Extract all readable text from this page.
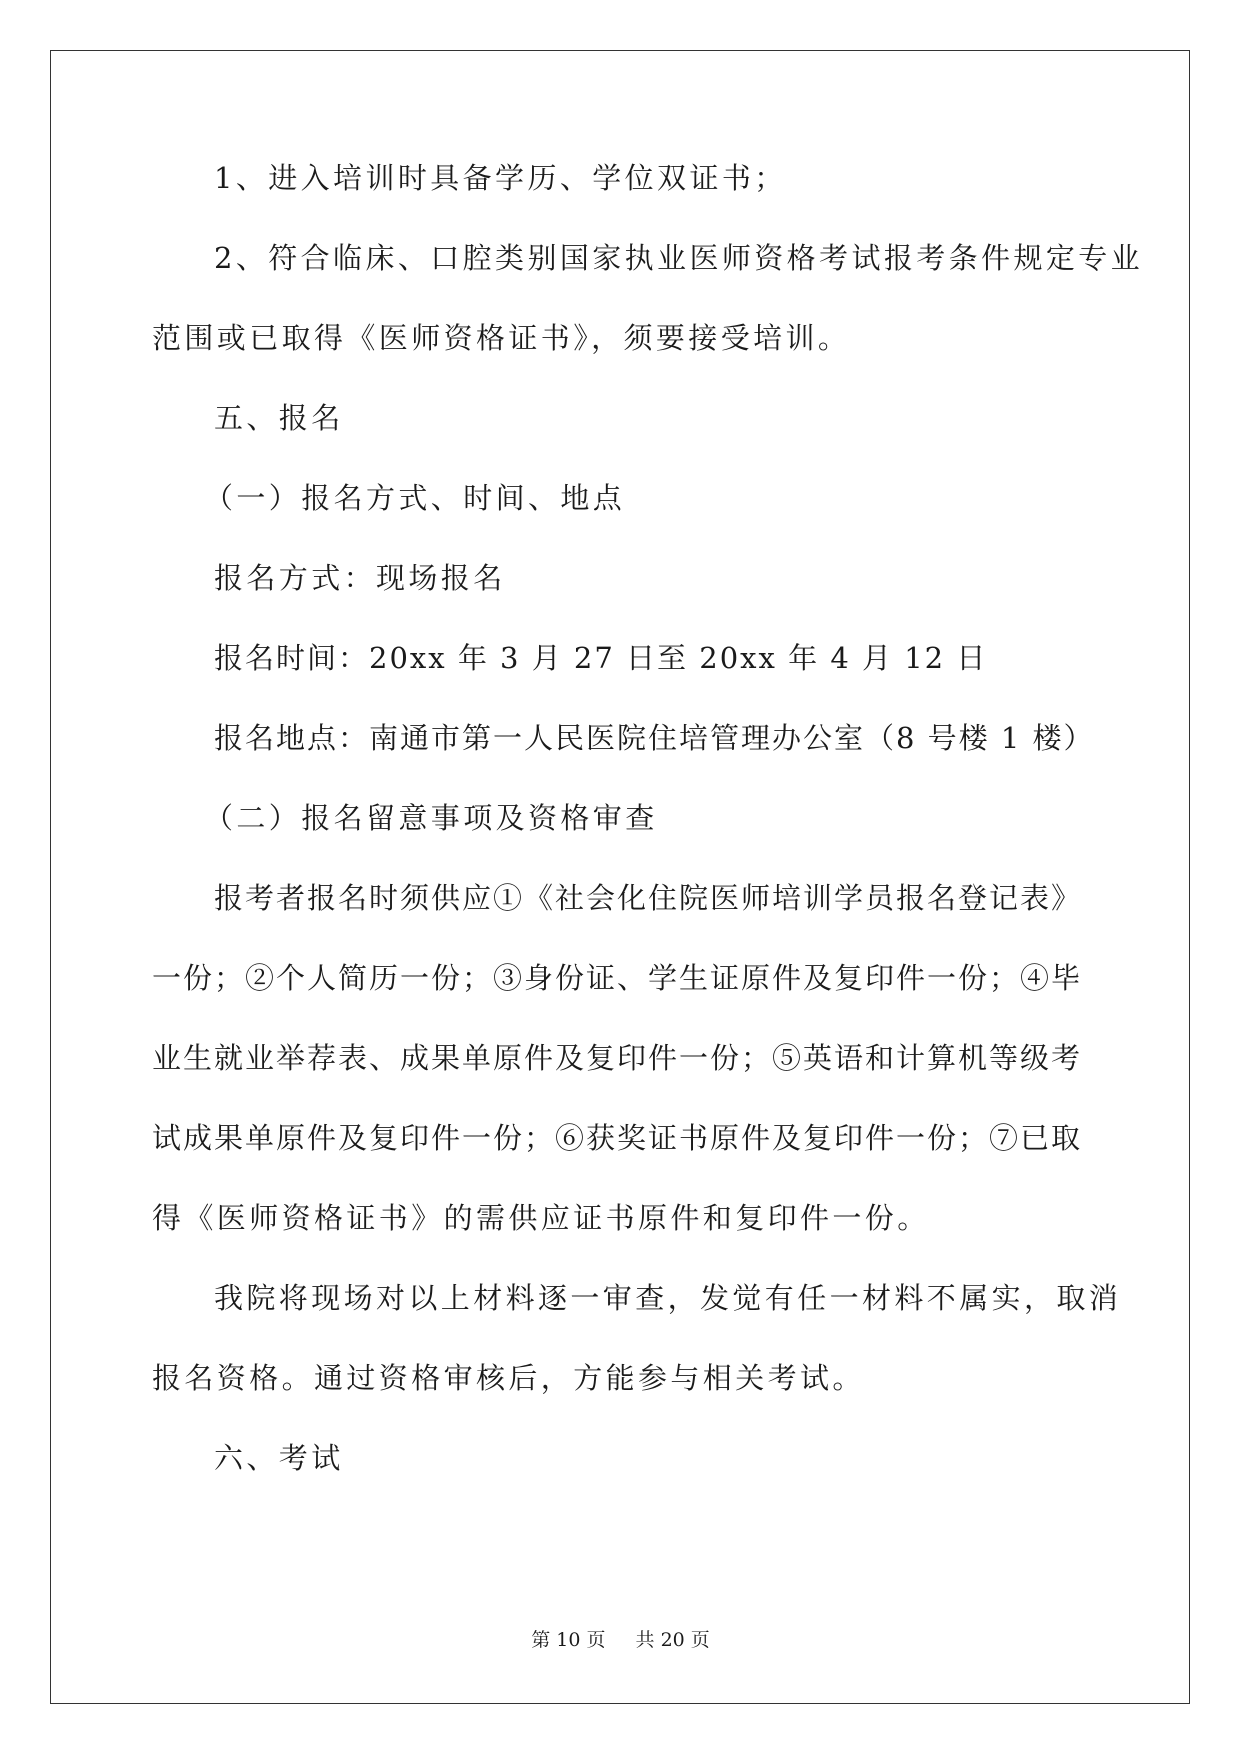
1、进入培训时具备学历、学位双证书；

2、符合临床、口腔类别国家执业医师资格考试报考条件规定专业

范围或已取得《医师资格证书》，须要接受培训。

五、报名

（一）报名方式、时间、地点

报名方式：现场报名

报名时间：20xx 年 3 月 27 日至 20xx 年 4 月 12 日

报名地点：南通市第一人民医院住培管理办公室（8 号楼 1 楼）

（二）报名留意事项及资格审查

报考者报名时须供应①《社会化住院医师培训学员报名登记表》

一份；②个人简历一份；③身份证、学生证原件及复印件一份；④毕

业生就业举荐表、成果单原件及复印件一份；⑤英语和计算机等级考

试成果单原件及复印件一份；⑥获奖证书原件及复印件一份；⑦已取

得《医师资格证书》的需供应证书原件和复印件一份。

我院将现场对以上材料逐一审查，发觉有任一材料不属实，取消

报名资格。通过资格审核后，方能参与相关考试。

六、考试

第 10 页 共 20 页
